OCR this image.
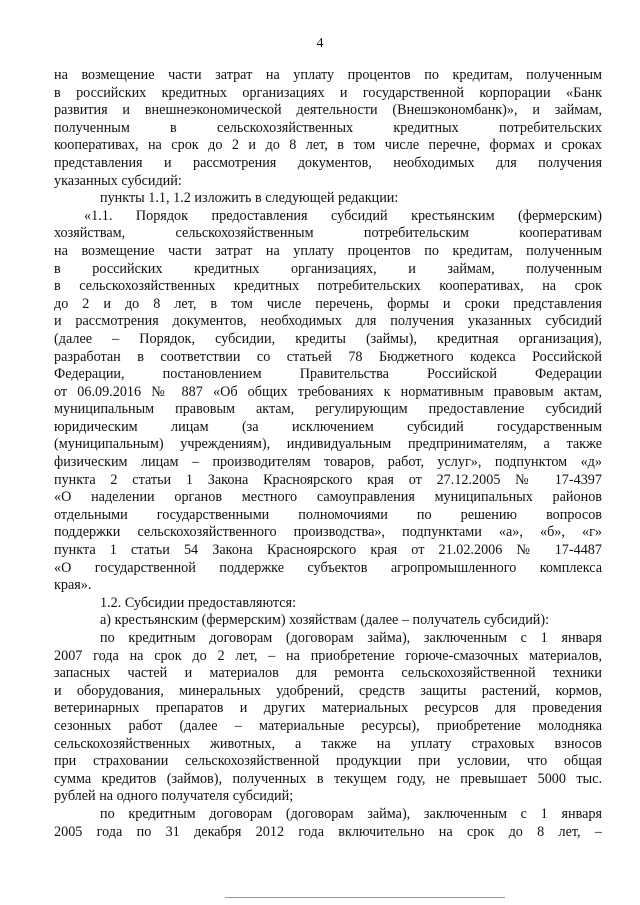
4
на возмещение части затрат на уплату процентов по кредитам, полученным
в российских кредитных организациях и государственной корпорации «Банк
развития и внешнеэкономической деятельности (Внешэкономбанк)», и займам,
полученным в сельскохозяйственных кредитных потребительских
кооперативах, на срок до 2 и до 8 лет, в том числе перечне, формах и сроках
представления и рассмотрения документов, необходимых для получения
указанных субсидий:
пункты 1.1, 1.2 изложить в следующей редакции:
«1.1. Порядок предоставления субсидий крестьянским (фермерским)
хозяйствам, сельскохозяйственным потребительским кооперативам
на возмещение части затрат на уплату процентов по кредитам, полученным
в российских кредитных организациях, и займам, полученным
в сельскохозяйственных кредитных потребительских кооперативах, на срок
до 2 и до 8 лет, в том числе перечень, формы и сроки представления
и рассмотрения документов, необходимых для получения указанных субсидий
(далее – Порядок, субсидии, кредиты (займы), кредитная организация),
разработан в соответствии со статьей 78 Бюджетного кодекса Российской
Федерации, постановлением Правительства Российской Федерации
от 06.09.2016 № 887 «Об общих требованиях к нормативным правовым актам,
муниципальным правовым актам, регулирующим предоставление субсидий
юридическим лицам (за исключением субсидий государственным
(муниципальным) учреждениям), индивидуальным предпринимателям, а также
физическим лицам – производителям товаров, работ, услуг», подпунктом «д»
пункта 2 статьи 1 Закона Красноярского края от 27.12.2005 № 17-4397
«О наделении органов местного самоуправления муниципальных районов
отдельными государственными полномочиями по решению вопросов
поддержки сельскохозяйственного производства», подпунктами «а», «б», «г»
пункта 1 статьи 54 Закона Красноярского края от 21.02.2006 № 17-4487
«О государственной поддержке субъектов агропромышленного комплекса
края».
1.2. Субсидии предоставляются:
а) крестьянским (фермерским) хозяйствам (далее – получатель субсидий):
по кредитным договорам (договорам займа), заключенным с 1 января
2007 года на срок до 2 лет, – на приобретение горюче-смазочных материалов,
запасных частей и материалов для ремонта сельскохозяйственной техники
и оборудования, минеральных удобрений, средств защиты растений, кормов,
ветеринарных препаратов и других материальных ресурсов для проведения
сезонных работ (далее – материальные ресурсы), приобретение молодняка
сельскохозяйственных животных, а также на уплату страховых взносов
при страховании сельскохозяйственной продукции при условии, что общая
сумма кредитов (займов), полученных в текущем году, не превышает 5000 тыс.
рублей на одного получателя субсидий;
по кредитным договорам (договорам займа), заключенным с 1 января
2005 года по 31 декабря 2012 года включительно на срок до 8 лет, –
